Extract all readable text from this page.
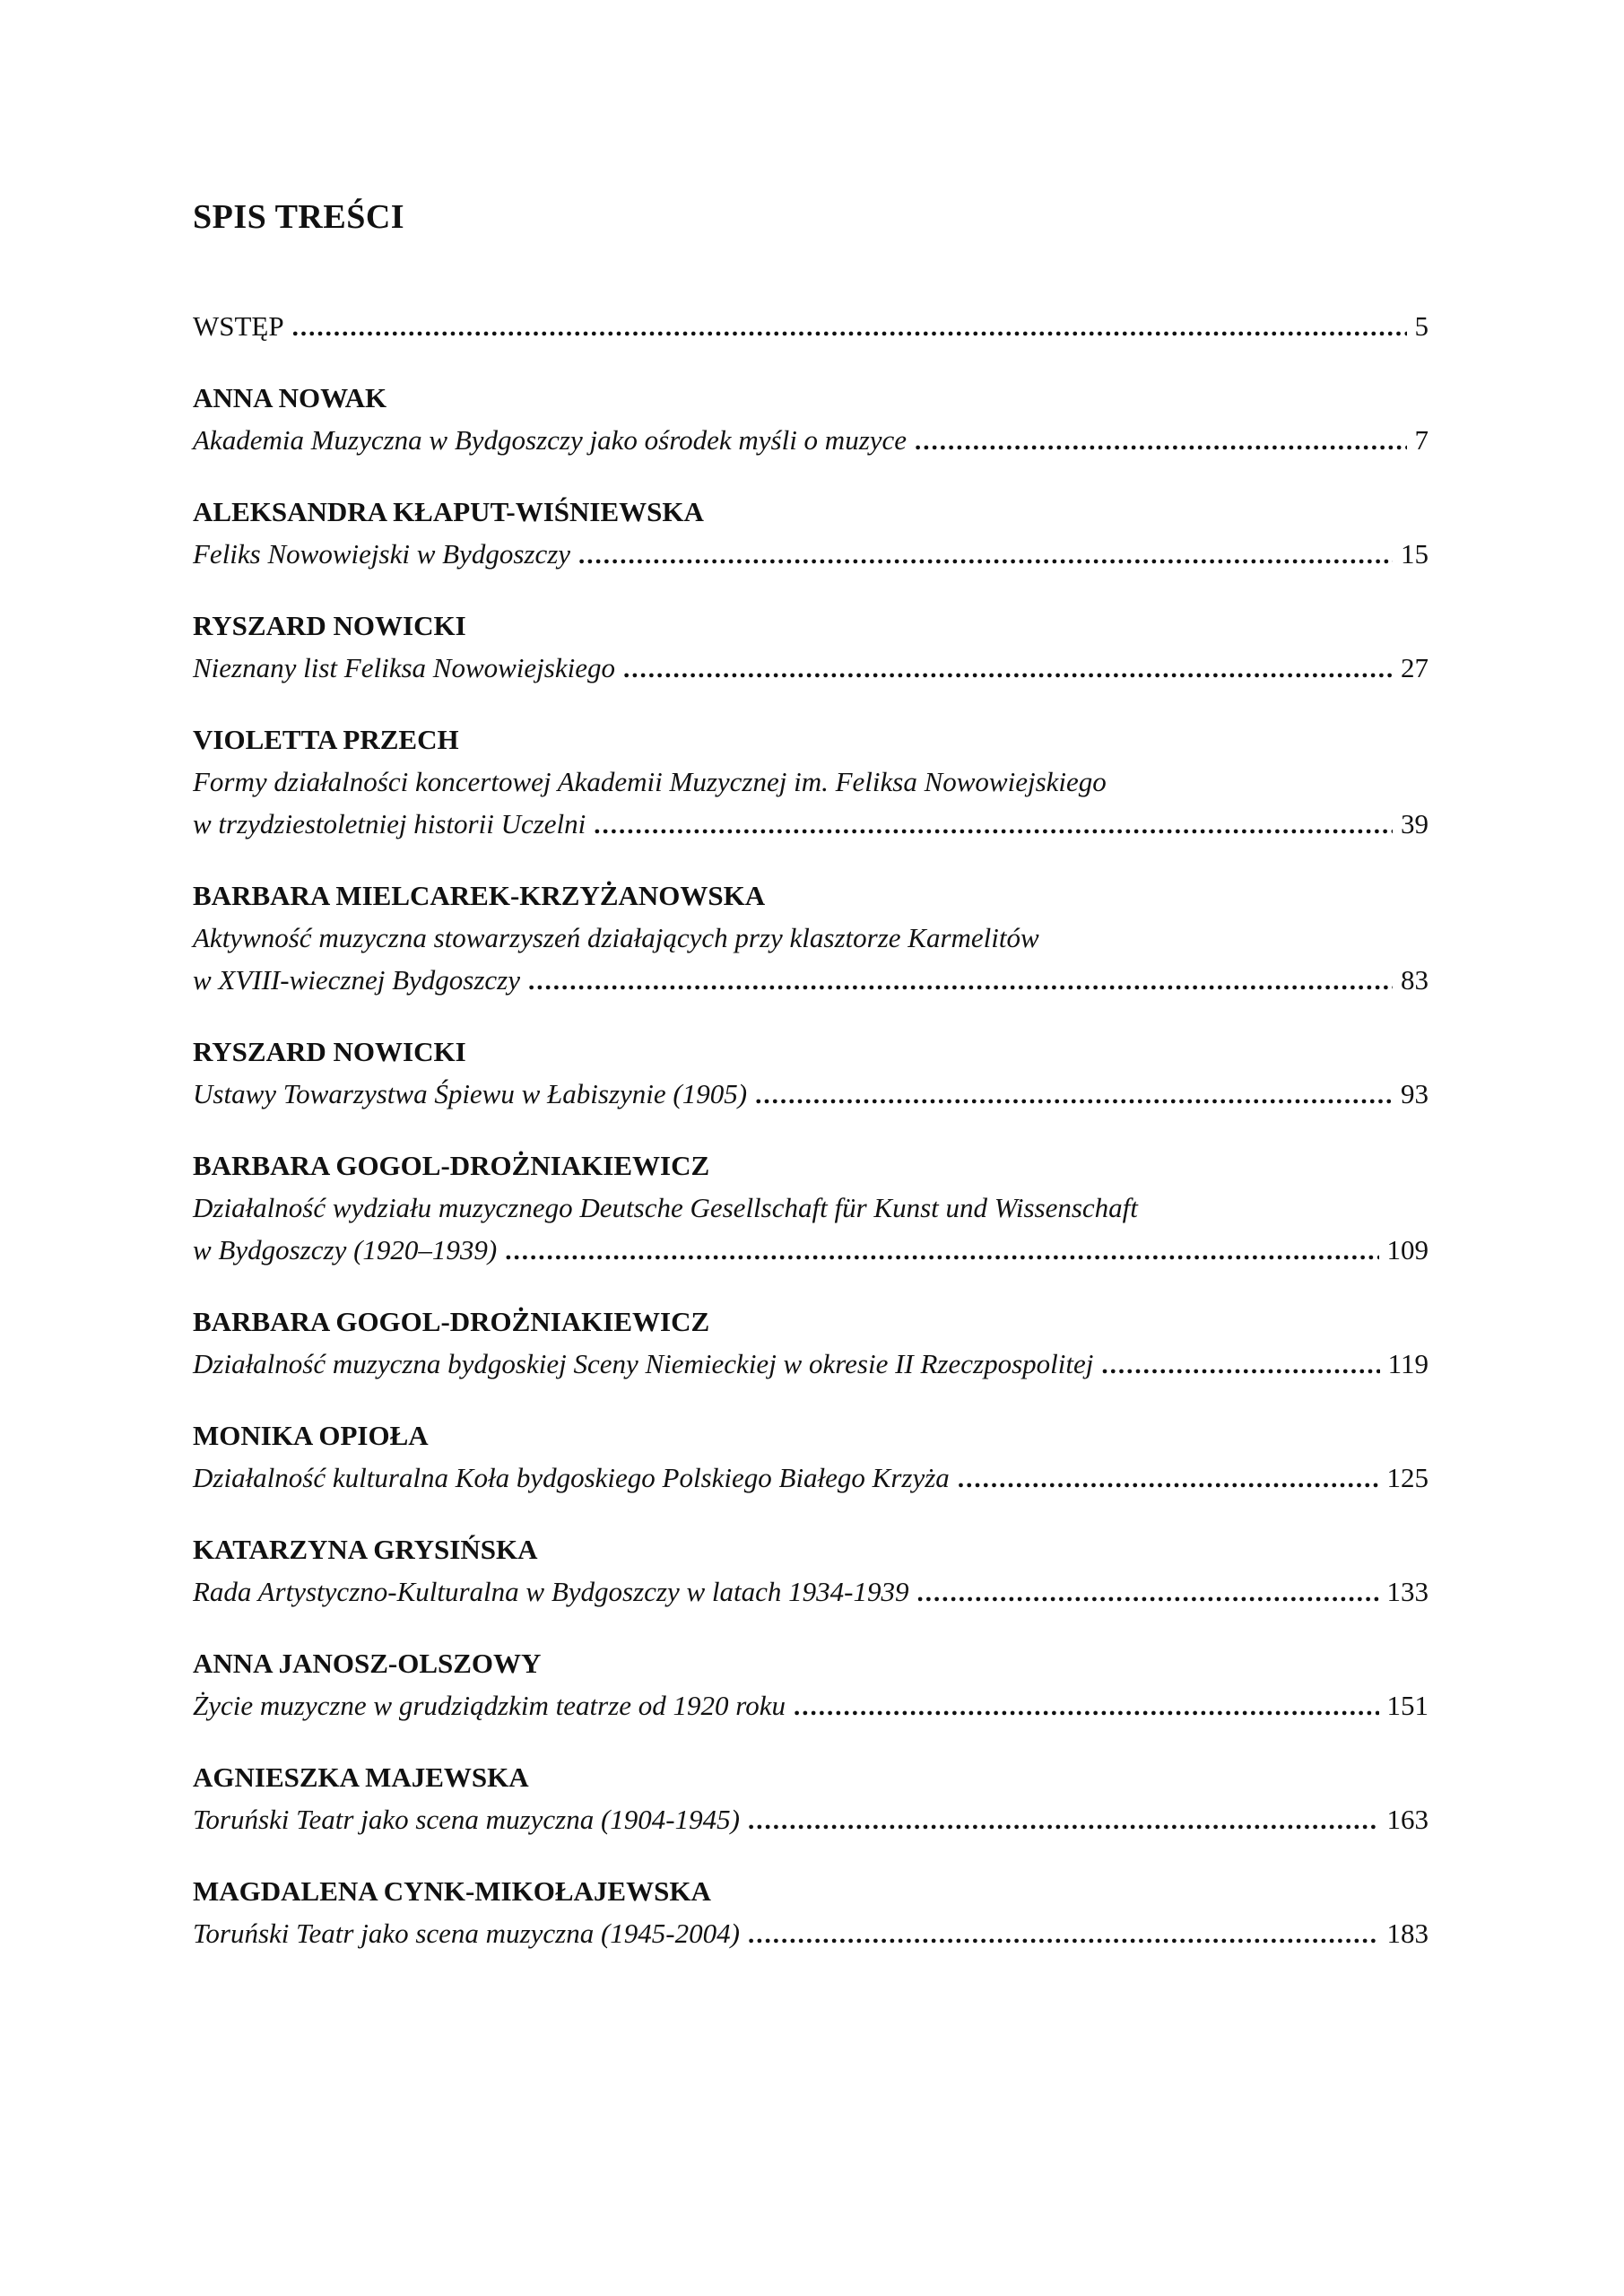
SPIS TREŚCI
WSTĘP .....	5
ANNA NOWAK
Akademia Muzyczna w Bydgoszczy jako ośrodek myśli o muzyce .....	7
ALEKSANDRA KŁAPUT-WIŚNIEWSKA
Feliks Nowowiejski w Bydgoszczy .....	15
RYSZARD NOWICKI
Nieznany list Feliksa Nowowiejskiego .....	27
VIOLETTA PRZECH
Formy działalności koncertowej Akademii Muzycznej im. Feliksa Nowowiejskiego
w trzydziestoletniej historii Uczelni .....	39
BARBARA MIELCAREK-KRZYŻANOWSKA
Aktywność muzyczna stowarzyszeń działających przy klasztorze Karmelitów
w XVIII-wiecznej Bydgoszczy .....	83
RYSZARD NOWICKI
Ustawy Towarzystwa Śpiewu w Łabiszynie (1905) .....	93
BARBARA GOGOL-DROŻNIAKIEWICZ
Działalność wydziału muzycznego Deutsche Gesellschaft für Kunst und Wissenschaft
w Bydgoszczy (1920–1939) .....	109
BARBARA GOGOL-DROŻNIAKIEWICZ
Działalność muzyczna bydgoskiej Sceny Niemieckiej w okresie II Rzeczpospolitej .....	119
MONIKA OPIOŁA
Działalność kulturalna Koła bydgoskiego Polskiego Białego Krzyża .....	125
KATARZYNA GRYSIŃSKA
Rada Artystyczno-Kulturalna w Bydgoszczy w latach 1934-1939 .....	133
ANNA JANOSZ-OLSZOWY
Życie muzyczne w grudziądzkim teatrze od 1920 roku .....	151
AGNIESZKA MAJEWSKA
Toruński Teatr jako scena muzyczna (1904-1945) .....	163
MAGDALENA CYNK-MIKOŁAJEWSKA
Toruński Teatr jako scena muzyczna (1945-2004) .....	183
